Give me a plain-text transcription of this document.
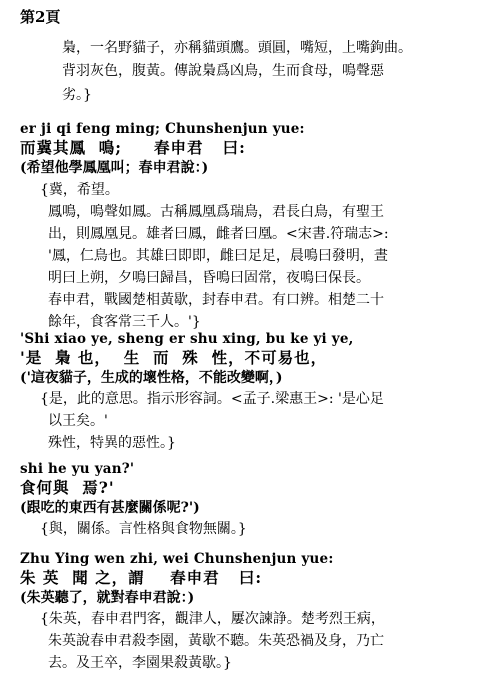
第2頁
梟，一名野貓子，亦稱貓頭鷹。頭圓，嘴短，上嘴鉤曲。
背羽灰色，腹黃。傳說梟爲凶鳥，生而食母，鳴聲惡
劣。}
er ji qi feng ming; Chunshenjun yue:
而冀其鳳  鳴;     春申君   曰:
(希望他學鳳凰叫；春申君說：)
{冀，希望。
鳳鳴，鳴聲如鳳。古稱鳳凰爲瑞鳥，君長白鳥，有聖王
出，則鳳凰見。雄者曰鳳，雌者曰凰。<宋書.符瑞志>:
'鳳，仁鳥也。其雄曰即即，雌曰足足，晨鳴曰發明，晝
明曰上朔，夕鳴曰歸昌，昏鳴曰固常，夜鳴曰保長。
春申君，戰國楚相黃歇，封春申君。有口辨。相楚二十
餘年，食客常三千人。'}
'Shi xiao ye, sheng er shu xing, bu ke yi ye,
'是  梟 也，  生  而  殊  性，不可易也，
('這夜貓子，生成的壞性格，不能改變啊，)
{是，此的意思。指示形容詞。<孟子.梁惠王>: '是心足
以王矣。'
殊性，特異的惡性。}
shi he yu yan?'
食何與  焉?'
(跟吃的東西有甚麼關係呢?')
{與，關係。言性格與食物無關。}
Zhu Ying wen zhi, wei Chunshenjun yue:
朱 英  聞 之，謂    春申君   曰:
(朱英聽了，就對春申君說：)
{朱英，春申君門客，觀津人，屢次諫諍。楚考烈王病，
朱英說春申君殺李園，黃歇不聽。朱英恐禍及身，乃亡
去。及王卒，李園果殺黃歇。}
